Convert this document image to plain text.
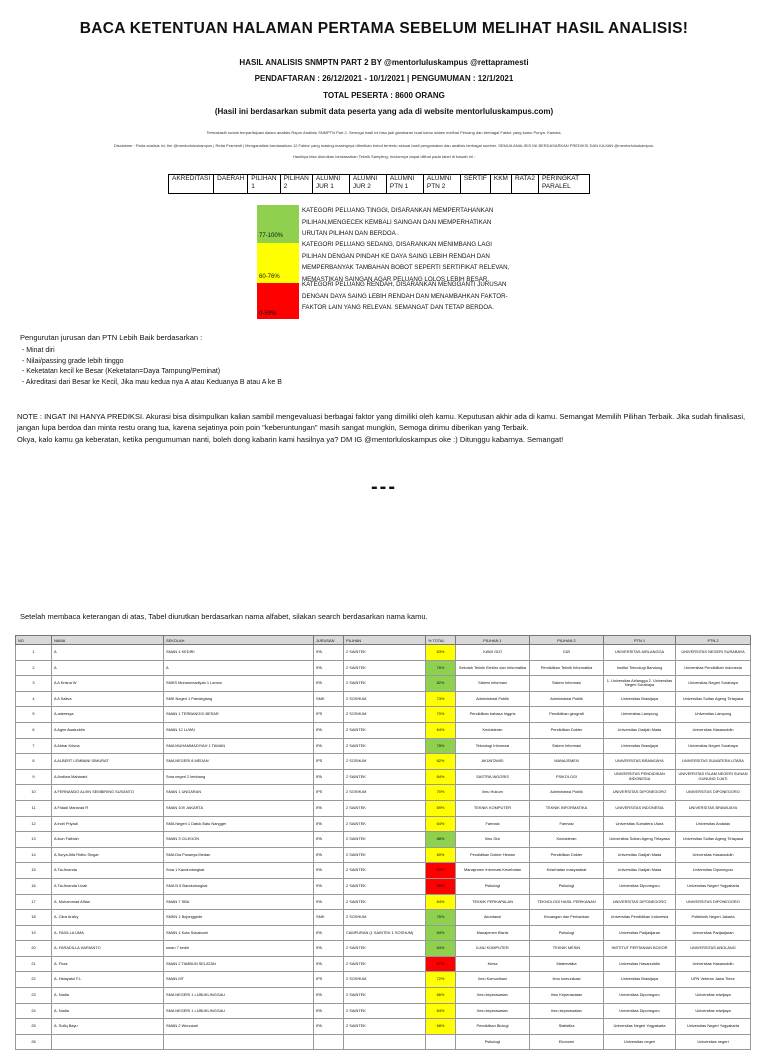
BACA KETENTUAN HALAMAN PERTAMA SEBELUM MELIHAT HASIL ANALISIS!
HASIL ANALISIS SNMPTN PART 2 BY @mentorluluskampus @rettapramesti
PENDAFTARAN : 26/12/2021 - 10/1/2021 | PENGUMUMAN : 12/1/2021
TOTAL PESERTA : 8600 ORANG
(Hasil ini berdasarkan submit data peserta yang ada di website mentorluluskampus.com)
Termakasih sudah berpartisipasi dalam analisis Rapor Analisis SNMPTN Part 2. Semoga hasil ini bisa jadi gambaran buat kamu dalam melihat Peluang dan berbagai Faktor yang kamu Punya. Kamsia.
Disclaimer : Pada analisis ini, tim @mentorluluskampus | Retta Pramesti | Menganalisis berdasarkan 12 Faktor yang masing-masingnya diberikan bobot tertentu sesuai hasil pengamatan dan analisis berbagai sumber. SEMUA ANALISIS INI BERDASARKAN PREDIKSI DAN KAJIAN @mentorluluskampus.
Hasilnya bisa diurutkan berdasarkan Teknik Sampling, rinciannya dapat dilihat pada tabel di bawah ini :
AKREDITASI	DAERAH	PILIHAN 1	PILIHAN 2	ALUMNI JUR 1	ALUMNI JUR 2	ALUMNI PTN 1	ALUMNI PTN 2	SERTIF	KKM	RATA2	PERINGKAT PARALEL
77-100%
KATEGORI PELUANG TINGGI, DISARANKAN MEMPERTAHANKAN PILIHAN,MENGECEK KEMBALI SAINGAN DAN MEMPERHATIKAN URUTAN PILIHAN DAN BERDOA .
60-76%
KATEGORI PELUANG SEDANG, DISARANKAN MENIMBANG LAGI PILIHAN DENGAN PINDAH KE DAYA SAING LEBIH RENDAH DAN MEMPERBANYAK TAMBAHAN BOBOT SEPERTI SERTIFIKAT RELEVAN, MEMASTIKAN SAINGAN AGAR PELUANG LOLOS LEBIH BESAR.
0-59%
KATEGORI PELUANG RENDAH, DISARANKAN MENGGANTI JURUSAN DENGAN DAYA SAING LEBIH RENDAH DAN MENAMBAHKAN FAKTOR-FAKTOR LAIN YANG RELEVAN. SEMANGAT DAN TETAP BERDOA.
Pengurutan jurusan dan PTN Lebih Baik berdasarkan :
- Minat diri
- Nilai/passing grade lebih tinggo
- Keketatan kecil ke Besar (Keketatan=Daya Tampung/Peminat)
- Akreditasi dari Besar ke Kecil, Jika mau kedua nya A atau Keduanya B atau A ke B
NOTE : INGAT INI HANYA PREDIKSI. Akurasi bisa disimpulkan kalian sambil mengevaluasi berbagai faktor yang dimiliki oleh kamu. Keputusan akhir ada di kamu. Semangat Memilih Pilihan Terbaik. Jika sudah finalisasi, jangan lupa berdoa dan minta restu orang tua, karena sejatinya poin poin "keberuntungan" masih sangat mungkin, Semoga dirimu diberikan yang Terbaik.
Okya, kalo kamu ga keberatan, ketika pengumuman nanti, boleh dong kabarin kami hasilnya ya? DM IG @mentorluloskampus oke :) Ditunggu kabarnya. Semangat!
---
Setelah membaca keterangan di atas, Tabel diurutkan berdasarkan nama alfabet, silakan search berdasarkan nama kamu.
NO	NAMA	SEKOLAH	JURUSAN	PILIHAN	% TOTAL	PILIHAN 1	PILIHAN 2	PTN 1	PTN 2
1	A	SMAN 4 KEDIRI	IPA	2 SAINTEK	63%	KAWI GIZI	GIZI	UNIVERSITAS AIRLANGGA	UNIVERSITAS NEGERI SURABAYA
2	A	A	IPA	2 SAINTEK	76%	Sekolah Teknik Elektro dan Informatika	Pendidikan Teknik Informatika	Institut Teknologi Bandung	Universitas Pendidikan Indonesia
3	A A Krisna W	SMKS Muhammadiyah 1 Lamon	IPA	2 SAINTEK	82%	Sistem informasi	Sistem Informasi	1. Universitas Airlangga 2. Universitas Negeri Surabaya	Universitas Negeri Surabaya
4	A A Sativa	SMK Negeri 1 Pandeglang	SMK	2 SOSHUM	73%	Administrasi Publik	Administrasi Publik	Universitas Brawijaya	Universitas Sultan Ageng Tirtayasa
5	A aderesya	SMAN 1 TERBANGGI BESAR	IPS	2 SOSHUM	70%	Pendidikan bahasa Inggris	Pendidikan geografi	Universitas Lampung	Universitas Lampung
6	A Agim Awaluddin	SMAN 12 LUWU	IPA	2 SAINTEK	64%	Kedokteran	Pendidikan Dokter	Universitas Gadjah Mada	Universitas Hasanuddin
7	A Akbar Krisna	SMA MUHAMMADIYAH 1 TAMAN	IPA	2 SAINTEK	78%	Teknologi Informasi	Sistem Informasi	Universitas Brawijaya	Universitas Negeri Surabaya
8	A ALBERT LEMBANI SIMURAT	SMA NEGERI 8 MEDAN	IPS	2 SOSHUM	62%	AKUNTANSI	MANAJEMEN	UNIVERSITAS BRAWIJAYA	UNIVERSITAS SUMATERA UTARA
9	A Andiwa Maharani	Sma negeri 2 lembang	IPA	2 SAINTEK	64%	SASTRA INGGRIS	PSIKOLOGI	UNIVERSITAS PENDIDIKAN INDONESIA	UNIVERSITAS ISLAM NEGERI SUNAN GUNUNG DJATI
10	A FERNANDO ALVIN SEMBIRING SUSANTO	SMAN 1 UNGARAN	IPS	2 SOSHUM	70%	Ilmu Hukum	Administrasi Publik	UNIVERSITAS DIPONEGORO	UNIVERSITAS DIPONEGORO
11	A Fidadi Mansrad R	SMAN 109 JAKARTA	IPA	2 SAINTEK	69%	TEKNIK KOMPUTER	TEKNIK INFORMATIKA	UNIVERSITAS INDONESIA	UNIVERSITAS BRAWIJAYA
12	A indri Priyadi	SMA Negeri 1 Datuk Batu Nangger	IPA	2 SAINTEK	64%	Farmasi	Farmasi	Universitas Sumatera Utara	Universitas Andalas
13	A ikon Fathiah	SMAN 3 CILEGON	IPA	2 SAINTEK	88%	Ilmu Gizi	Kedokteran	Universitas Sultan Ageng Tirtayasa	Universitas Sultan Ageng Tirtayasa
14	A Surya Alfa Ridho Singar	SMA Dia Pusanya Medan	IPA	2 SAINTEK	60%	Pendidikan Dokter Hewan	Pendidikan Dokter	Universitas Gadjah Mada	Universitas Hasanuddin
15	A Tia Ananda	Sma 1 Kandunlangkat	IPA	2 SAINTEK	53%	Manajemen Informasi Kesehatan	Kesehatan masyarakat	Universitas Gadjah Mada	Universitas Diponegoro
16	A Tia Ananda Lizah	SMA N 5 Bandudongkal	IPA	2 SAINTEK	56%	Psikologi	Psikologi	Universitas Diponegoro	Universitas Negeri Yogyakarta
17	A. Muhammad Alfian	SMAN 7 SBA	IPA	2 SAINTEK	64%	TEKNIK PERKAPALAN	TEKNOLOGI HASIL PERIKANAN	UNIVERSITAS DIPONEGORO	UNIVERSITAS DIPONEGORO
18	A. Citra Arizky	SMKN 1 Bojonggede	SMK	2 SOSHUM	76%	Akuntansi	Keuangan dan Perbankan	Universitas Pendidikan Indonesia	Politeknik Negeri Jakarta
19	A. FADILLA UMA	SMAN 1 Kota Sukabumi	IPA	CAMPURAN (1 SAINTEK 1 SOSHUM)	84%	Manajemen Bisnis	Psikologi	Universitas Padjadjaran	Universitas Padjadjaran
20	A. FARADILLA HARIANTO	sman 7 kediri	IPA	2 SAINTEK	84%	ILMU KOMPUTER	TEKNIK MESIN	INSTITUT PERTANIAN BOGOR	UNIVERSITAS ANGLANG
21	A. Firza	SMAN 2 TAMBUN SELATAN	IPA	2 SAINTEK	57%	Kimia	Matematika	Universitas Hasanuddin	Universitas Hasanuddin
22	A. Hidayatul F.L	SMAN MT	IPS	2 SOSHUM	72%	Ilmu Komunikasi	Ilmu komunikasi	Universitas Brawijaya	UPN Veteran Jawa Timur
23	A. Nadia	SMA NEGERI 1 LUBUKLINGGAU	IPA	2 SAINTEK	66%	Ilmu keperawatan	Ilmu Keperawatan	Universitas Diponegoro	Universitas sriwijaya
24	A. Nadia	SMA NEGERI 1 LUBUKLINGGAU	IPA	2 SAINTEK	64%	Ilmu keperawatan	Ilmu keperawatan	Universitas Diponegoro	Universitas sriwijaya
25	A. Sofiq Bayu	SMAN 2 Wonosari	IPA	2 SAINTEK	68%	Pendidikan Biologi	Statistika	Universitas Negeri Yogyakarta	Universitas Negeri Yogyakarta
26						Psikologi	Ekonomi	Universitas negeri	Universitas negeri
